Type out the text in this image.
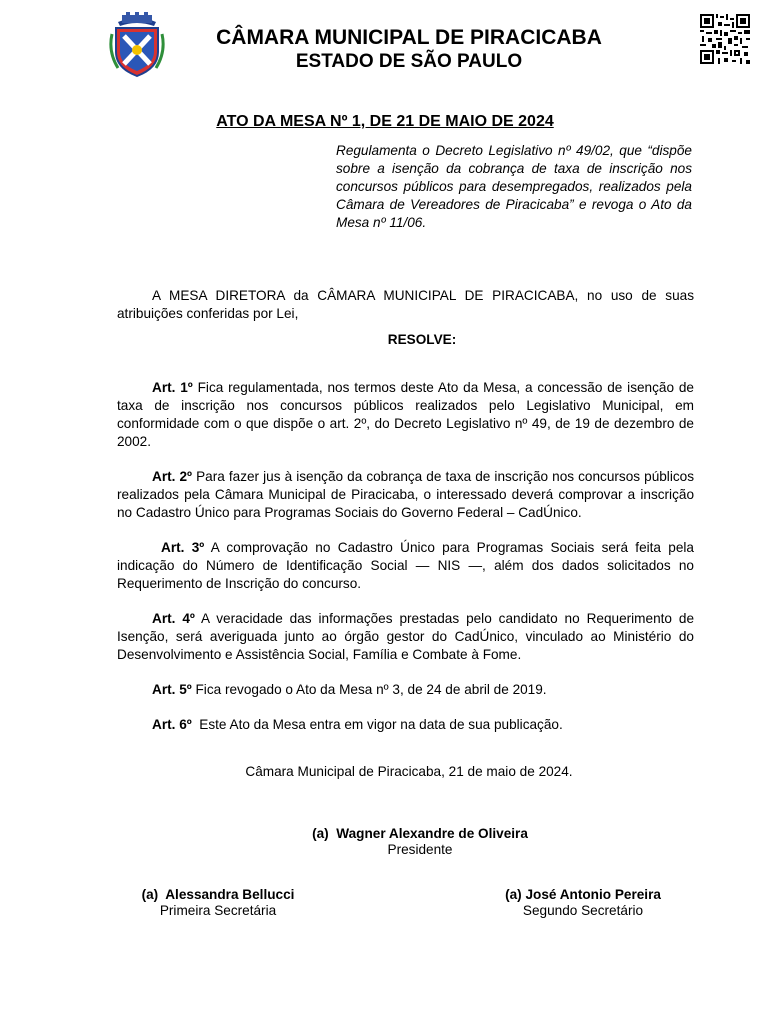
CÂMARA MUNICIPAL DE PIRACICABA
ESTADO DE SÃO PAULO
ATO DA MESA Nº 1, DE 21 DE MAIO DE 2024

Regulamenta o Decreto Legislativo nº 49/02, que “dispõe sobre a isenção da cobrança de taxa de inscrição nos concursos públicos para desempregados, realizados pela Câmara de Vereadores de Piracicaba” e revoga o Ato da Mesa nº 11/06.

A MESA DIRETORA da CÂMARA MUNICIPAL DE PIRACICABA, no uso de suas atribuições conferidas por Lei,

RESOLVE:

Art. 1º Fica regulamentada, nos termos deste Ato da Mesa, a concessão de isenção de taxa de inscrição nos concursos públicos realizados pelo Legislativo Municipal, em conformidade com o que dispõe o art. 2º, do Decreto Legislativo nº 49, de 19 de dezembro de 2002.

Art. 2º Para fazer jus à isenção da cobrança de taxa de inscrição nos concursos públicos realizados pela Câmara Municipal de Piracicaba, o interessado deverá comprovar a inscrição no Cadastro Único para Programas Sociais do Governo Federal – CadÚnico.

Art. 3º A comprovação no Cadastro Único para Programas Sociais será feita pela indicação do Número de Identificação Social — NIS —, além dos dados solicitados no Requerimento de Inscrição do concurso.

Art. 4º A veracidade das informações prestadas pelo candidato no Requerimento de Isenção, será averiguada junto ao órgão gestor do CadÚnico, vinculado ao Ministério do Desenvolvimento e Assistência Social, Família e Combate à Fome.

Art. 5º Fica revogado o Ato da Mesa nº 3, de 24 de abril de 2019.

Art. 6º  Este Ato da Mesa entra em vigor na data de sua publicação.

Câmara Municipal de Piracicaba, 21 de maio de 2024.
(a)  Wagner Alexandre de Oliveira
Presidente
(a)  Alessandra Bellucci
Primeira Secretária
(a) José Antonio Pereira
Segundo Secretário
